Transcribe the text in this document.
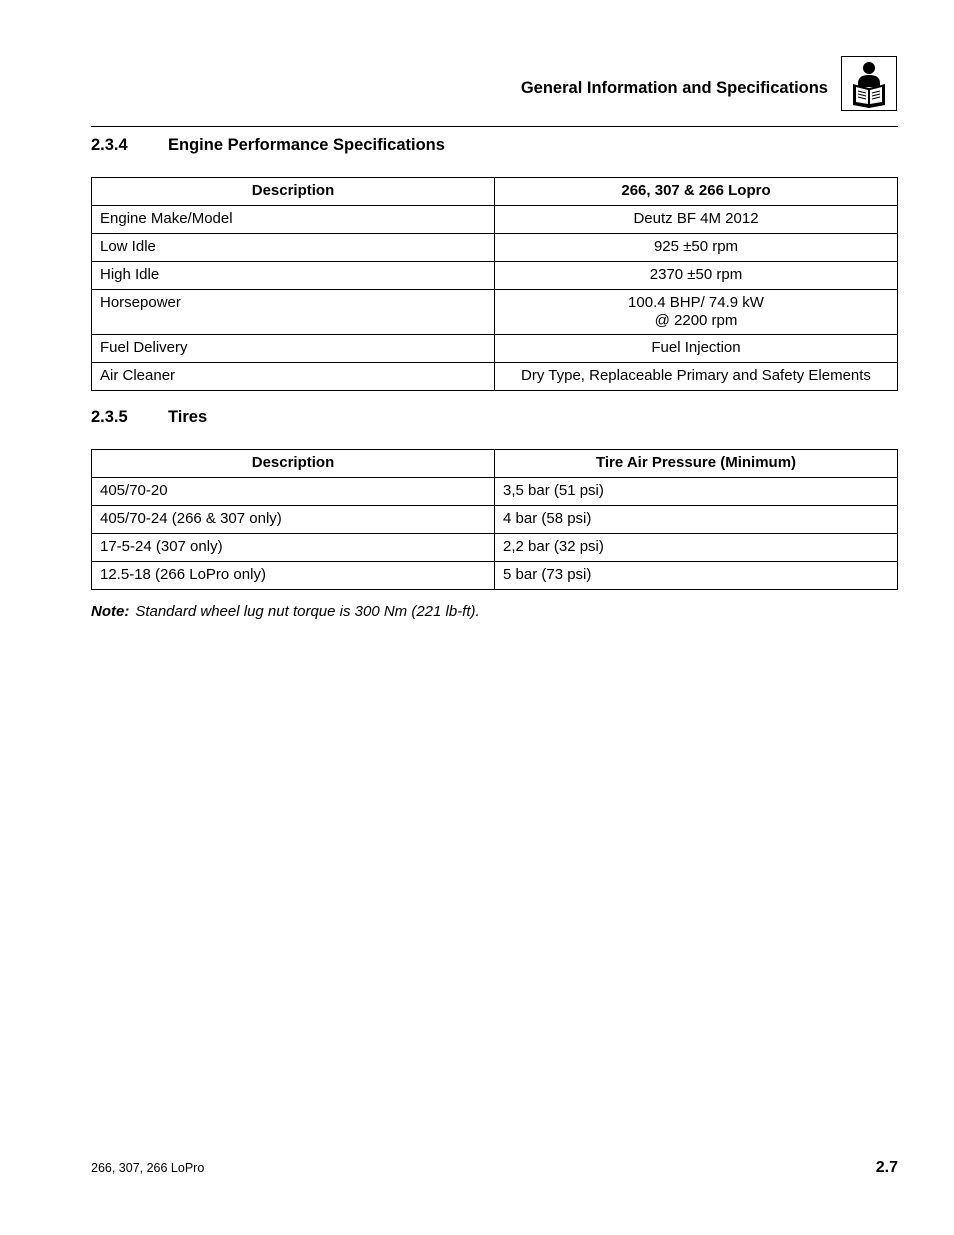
General Information and Specifications
2.3.4 Engine Performance Specifications
Description	266, 307 & 266 Lopro
Engine Make/Model	Deutz BF 4M 2012
Low Idle	925 ±50 rpm
High Idle	2370 ±50 rpm
Horsepower	100.4 BHP/ 74.9 kW
@ 2200 rpm

Fuel Delivery	Fuel Injection
Air Cleaner	Dry Type, Replaceable Primary and Safety Elements
2.3.5 Tires
Description	Tire Air Pressure (Minimum)
405/70-20	3,5 bar (51 psi)
405/70-24 (266 & 307 only)	4 bar (58 psi)
17-5-24 (307 only)	2,2 bar (32 psi)
12.5-18 (266 LoPro only)	5 bar (73 psi)
Note: Standard wheel lug nut torque is 300 Nm (221 lb-ft).
266, 307, 266 LoPro	2.7
